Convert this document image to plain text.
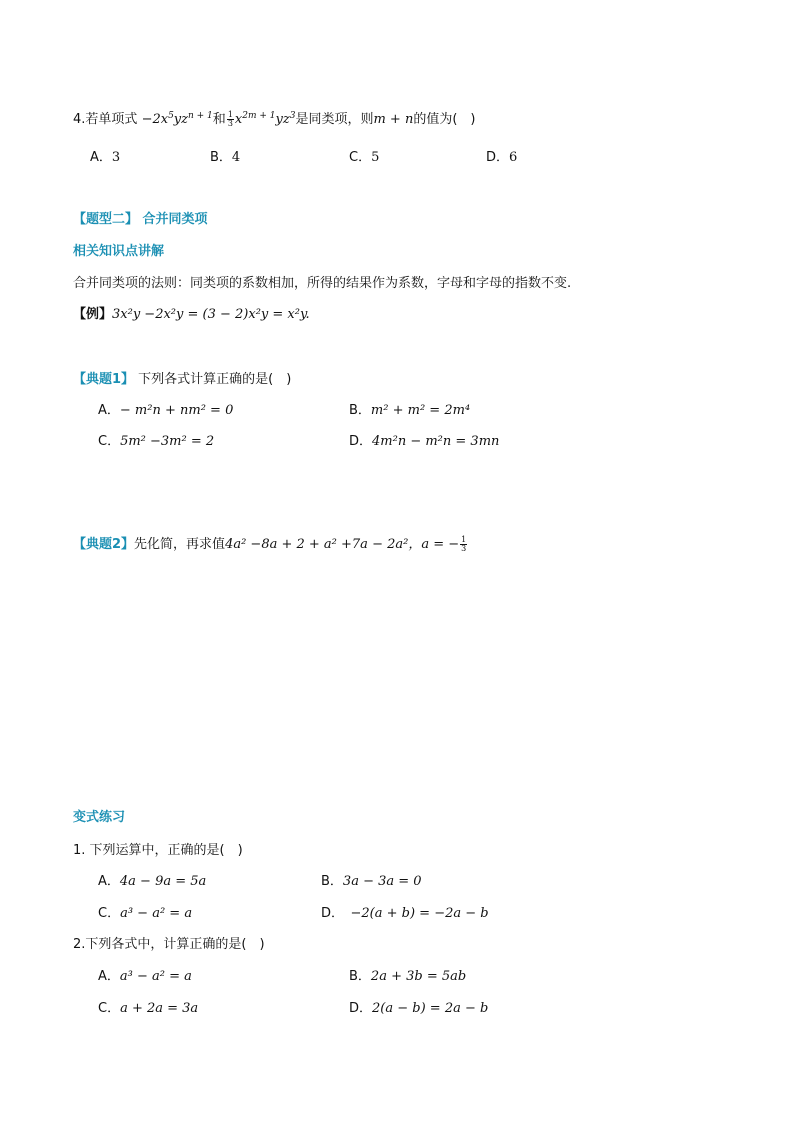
4.若单项式 $-2x^5yz^{n + 1}$和 $\frac{1}{3} x^{2m + 1}yz^3$是同类项，则m + n的值为(　)
A．3	B．4	C．5	D．6
【题型二】 合并同类项
相关知识点讲解
合并同类项的法则：同类项的系数相加，所得的结果作为系数，字母和字母的指数不变.
【例】3x²y −2x²y = (3 − 2)x²y = x²y.
【典题1】 下列各式计算正确的是(　)
A．− m²n + nm² = 0	B．m² + m² = 2m⁴
C．5m² −3m² = 2	D．4m²n − m²n = 3mn
【典题2】先化简，再求值4a² −8a + 2 + a² +7a − 2a²，a = − $\frac{1}{3}$
变式练习
1. 下列运算中，正确的是(　)
A．4a − 9a = 5a	B．3a − 3a = 0
C．a³ − a² = a	D．　−2(a + b) = −2a − b
2.下列各式中，计算正确的是(　)
A．a³ − a² = a	B．2a + 3b = 5ab
C．a + 2a = 3a	D．2(a − b) = 2a − b
